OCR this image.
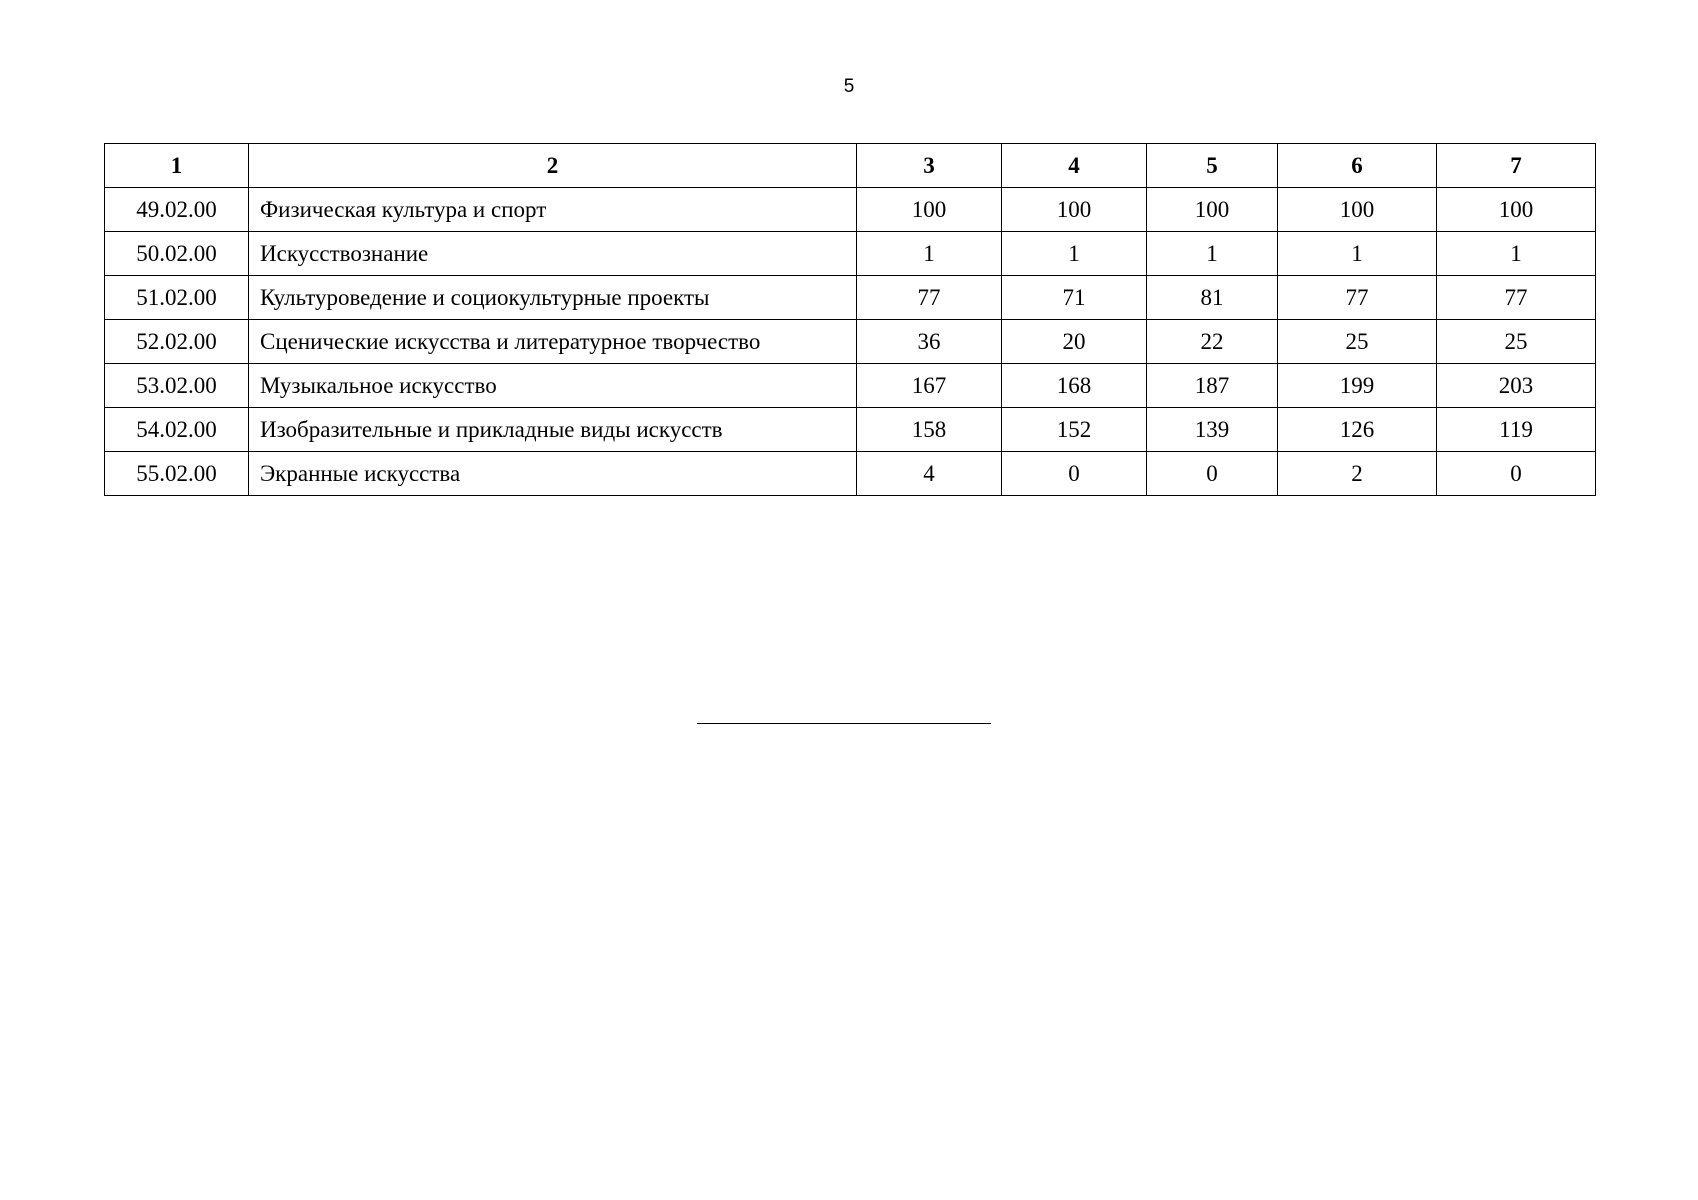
5
1	2	3	4	5	6	7
49.02.00	Физическая культура и спорт	100	100	100	100	100
50.02.00	Искусствознание	1	1	1	1	1
51.02.00	Культуроведение и социокультурные проекты	77	71	81	77	77
52.02.00	Сценические искусства и литературное творчество	36	20	22	25	25
53.02.00	Музыкальное искусство	167	168	187	199	203
54.02.00	Изобразительные и прикладные виды искусств	158	152	139	126	119
55.02.00	Экранные искусства	4	0	0	2	0
